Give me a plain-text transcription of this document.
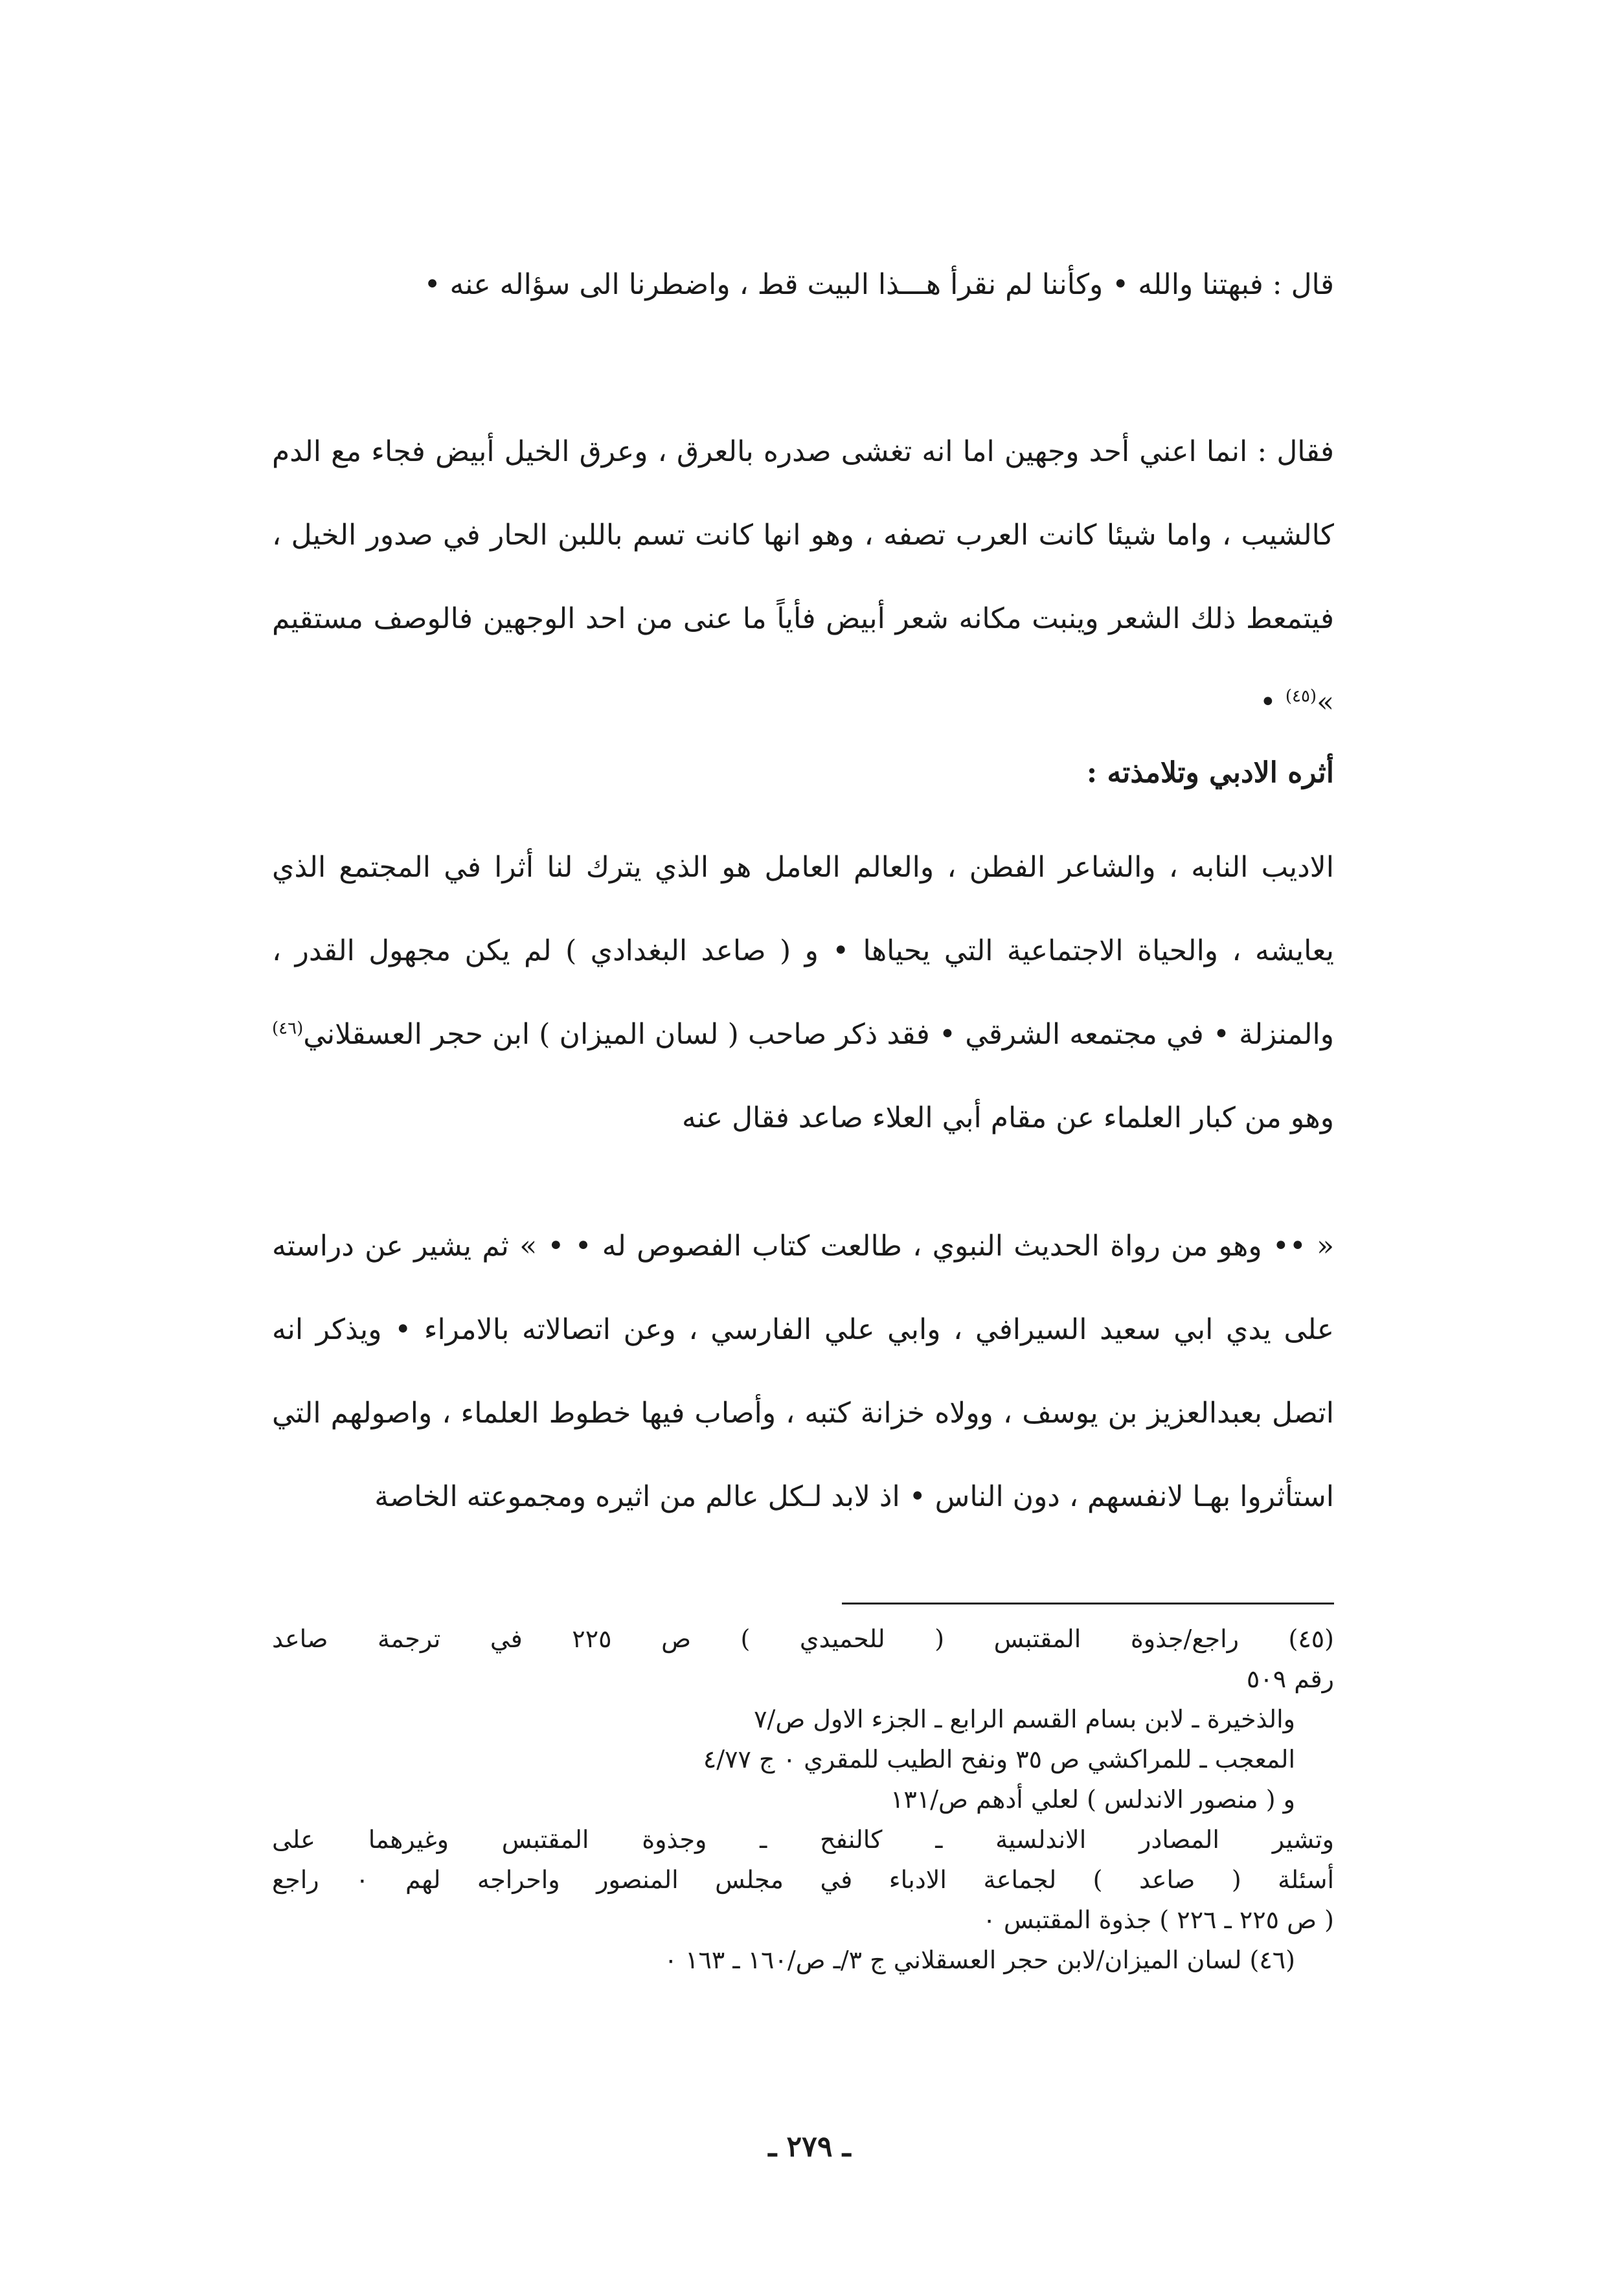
قال : فبهتنا والله • وكأننا لم نقرأ هـــذا البيت قط ، واضطرنا الى سؤاله عنه •

فقال : انما اعني أحد وجهين اما انه تغشى صدره بالعرق ، وعرق الخيل أبيض فجاء مع الدم كالشيب ، واما شيئا كانت العرب تصفه ، وهو انها كانت تسم باللبن الحار في صدور الخيل ، فيتمعط ذلك الشعر وينبت مكانه شعر أبيض فأياً ما عنى من احد الوجهين فالوصف مستقيم »$^{(٤٥)}$ •

أثره الادبي وتلامذته :

الاديب النابه ، والشاعر الفطن ، والعالم العامل هو الذي يترك لنا أثرا في المجتمع الذي يعايشه ، والحياة الاجتماعية التي يحياها • و ( صاعد البغدادي ) لم يكن مجهول القدر ، والمنزلة • في مجتمعه الشرقي • فقد ذكر صاحب ( لسان الميزان ) ابن حجر العسقلاني$^{(٤٦)}$ وهو من كبار العلماء عن مقام أبي العلاء صاعد فقال عنه

« •• وهو من رواة الحديث النبوي ، طالعت كتاب الفصوص له • • » ثم يشير عن دراسته على يدي ابي سعيد السيرافي ، وابي علي الفارسي ، وعن اتصالاته بالامراء • ويذكر انه اتصل بعبدالعزيز بن يوسف ، وولاه خزانة كتبه ، وأصاب فيها خطوط العلماء ، واصولهم التي استأثروا بهـا لانفسهم ، دون الناس • اذ لابد لـكل عالم من اثيره ومجموعته الخاصة

(٤٥) راجع/جذوة المقتبس ( للحميدي ) ص ٢٢٥ في ترجمة صاعد

رقم ٥٠٩

والذخيرة ـ لابن بسام القسم الرابع ـ الجزء الاول ص/٧

المعجب ـ للمراكشي ص ٣٥ ونفح الطيب للمقري ۰ ج ٤/٧٧

و ( منصور الاندلس ) لعلي أدهم ص/١٣١

وتشير المصادر الاندلسية ـ كالنفح ـ وجذوة المقتبس وغيرهما على

أسئلة ( صاعد ) لجماعة الادباء في مجلس المنصور واحراجه لهم ۰ راجع

( ص ٢٢٥ ـ ٢٢٦ ) جذوة المقتبس ۰

(٤٦) لسان الميزان/لابن حجر العسقلاني ج ٣/ـ ص/١٦٠ ـ ١٦٣ ۰

ـ ٢٧٩ ـ
